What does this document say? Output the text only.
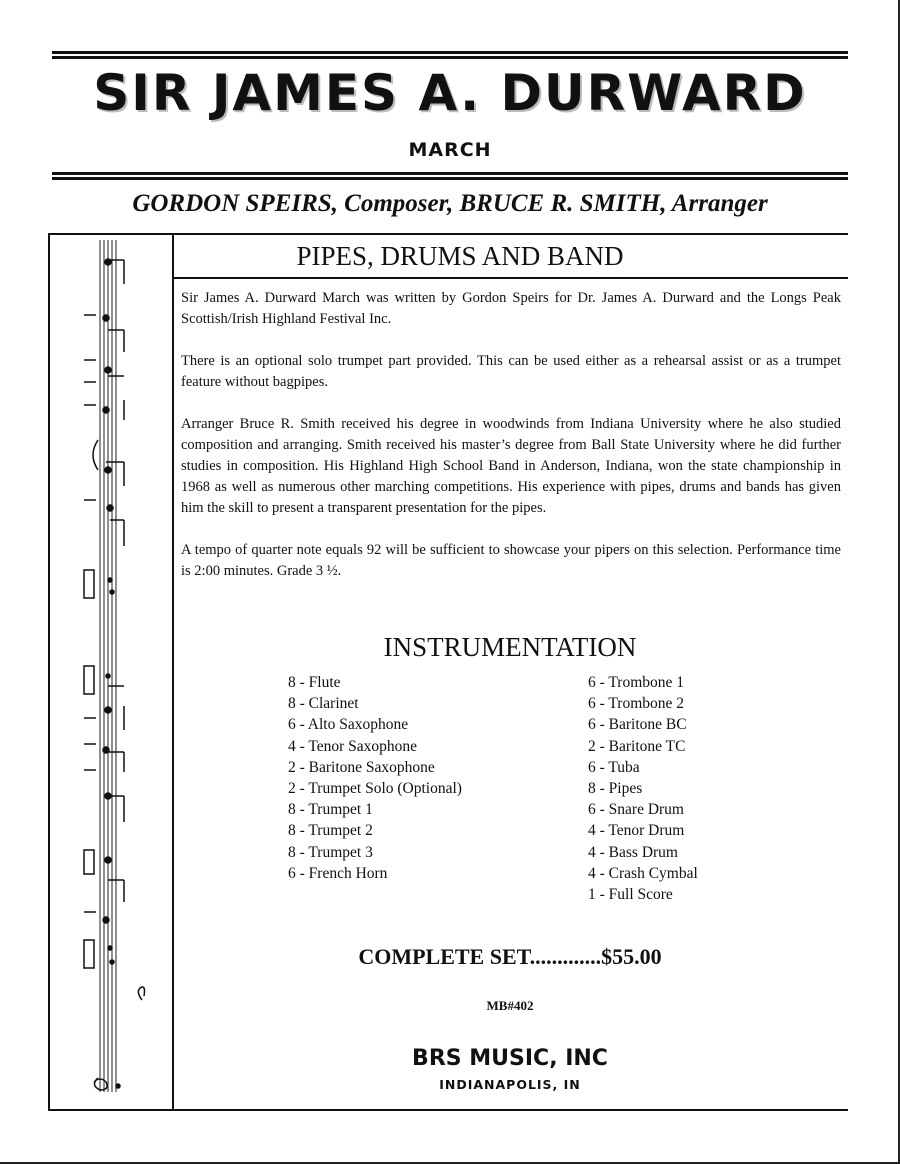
SIR JAMES A. DURWARD
MARCH
GORDON SPEIRS, Composer, BRUCE R. SMITH, Arranger
PIPES, DRUMS AND BAND

Sir James A. Durward March was written by Gordon Speirs for Dr. James A. Durward and the Longs Peak Scottish/Irish Highland Festival Inc.

There is an optional solo trumpet part provided. This can be used either as a rehearsal assist or as a trumpet feature without bagpipes.

Arranger Bruce R. Smith received his degree in woodwinds from Indiana University where he also studied composition and arranging. Smith received his master’s degree from Ball State University where he did further studies in composition. His Highland High School Band in Anderson, Indiana, won the state championship in 1968 as well as numerous other marching competitions. His experience with pipes, drums and bands has given him the skill to present a transparent presentation for the pipes.

A tempo of quarter note equals 92 will be sufficient to showcase your pipers on this selection. Performance time is 2:00 minutes. Grade 3 ½.

INSTRUMENTATION
8 - Flute
8 - Clarinet
6 - Alto Saxophone
4 - Tenor Saxophone
2 - Baritone Saxophone
2 - Trumpet Solo (Optional)
8 - Trumpet 1
8 - Trumpet 2
8 - Trumpet 3
6 - French Horn
6 - Trombone 1
6 - Trombone 2
6 - Baritone BC
2 - Baritone TC
6 - Tuba
8 - Pipes
6 - Snare Drum
4 - Tenor Drum
4 - Bass Drum
4 - Crash Cymbal
1 - Full Score
COMPLETE SET.............$55.00
MB#402
BRS MUSIC, INC
INDIANAPOLIS, IN
